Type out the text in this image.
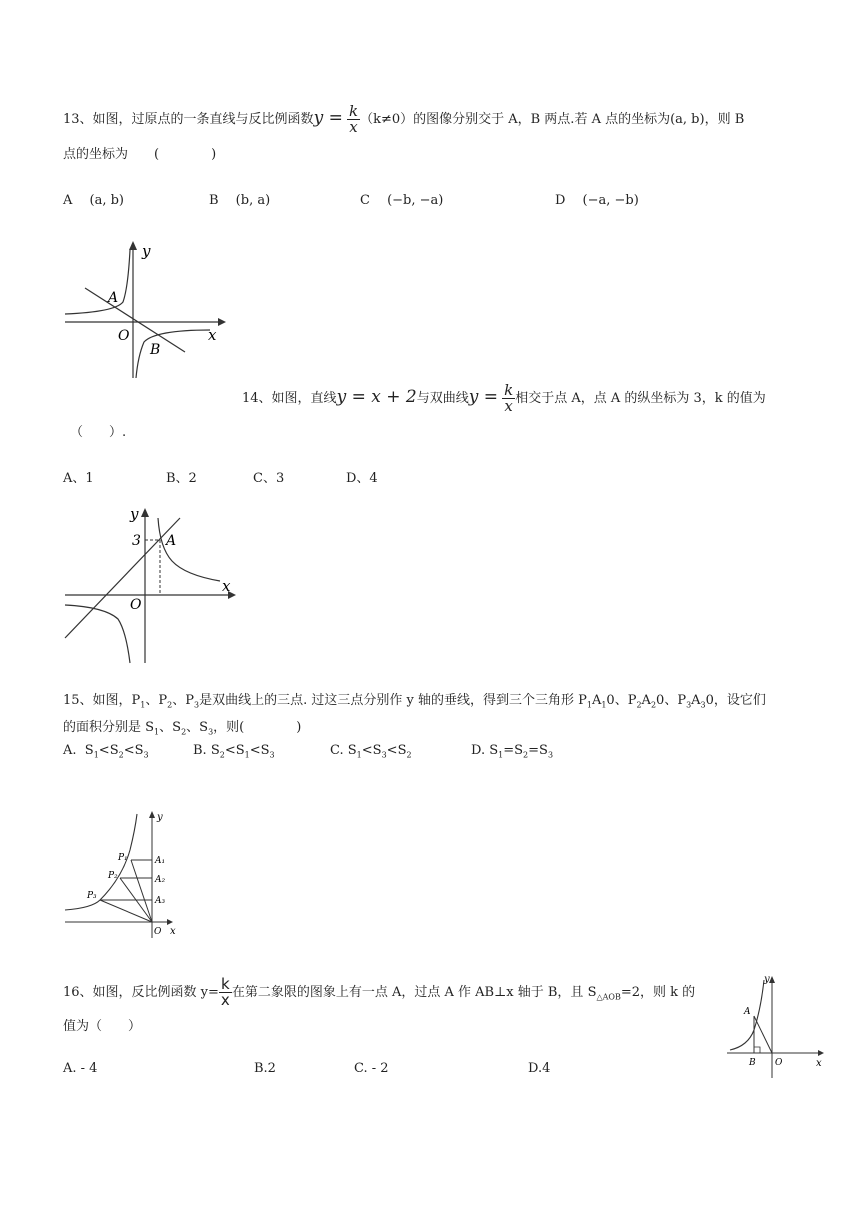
13、如图，过原点的一条直线与反比例函数$y = \frac{k}{x} (k\ne 0)$的图像分别交于 A，B 两点.若 A 点的坐标为(a, b)，则 B
点的坐标为　　(　　　　)
A　 (a, b)	B　 (b, a)	C　 (−b, −a)	D　 (−a, −b)
y
x
O
A
B
14、如图，直线y = x + 2与双曲线$y = \frac{k}{x}$ 相交于点 A，点 A 的纵坐标为 3，k 的值为
（　　）.
A、1	B、2	C、3	D、4
y
x
O
A
3
15、如图，$P_1$、$P_2$、$P_3$是双曲线上的三点. 过这三点分别作 y 轴的垂线，得到三个三角形 $P_1A_10$、$P_2A_20$、$P_3A_30$，设它们
的面积分别是 $S_1$、$S_2$、$S_3$，则(　　　　)
A. $S_1<S_2<S_3$	B. $S_2<S_1<S_3$	C. $S_1<S_3<S_2$	D. $S_1=S_2=S_3$
y
x
O
P₁
P₂
P₃
A₁
A₂
A₃
16、如图，反比例函数 $y= \frac{k}{x}$ 在第二象限的图象上有一点 A，过点 A 作 AB⊥x 轴于 B，且 $S_{\triangle AOB}=2$，则 k 的
值为（　　）
A. - 4	B.2	C. - 2	D.4
y
x
O
A
B
